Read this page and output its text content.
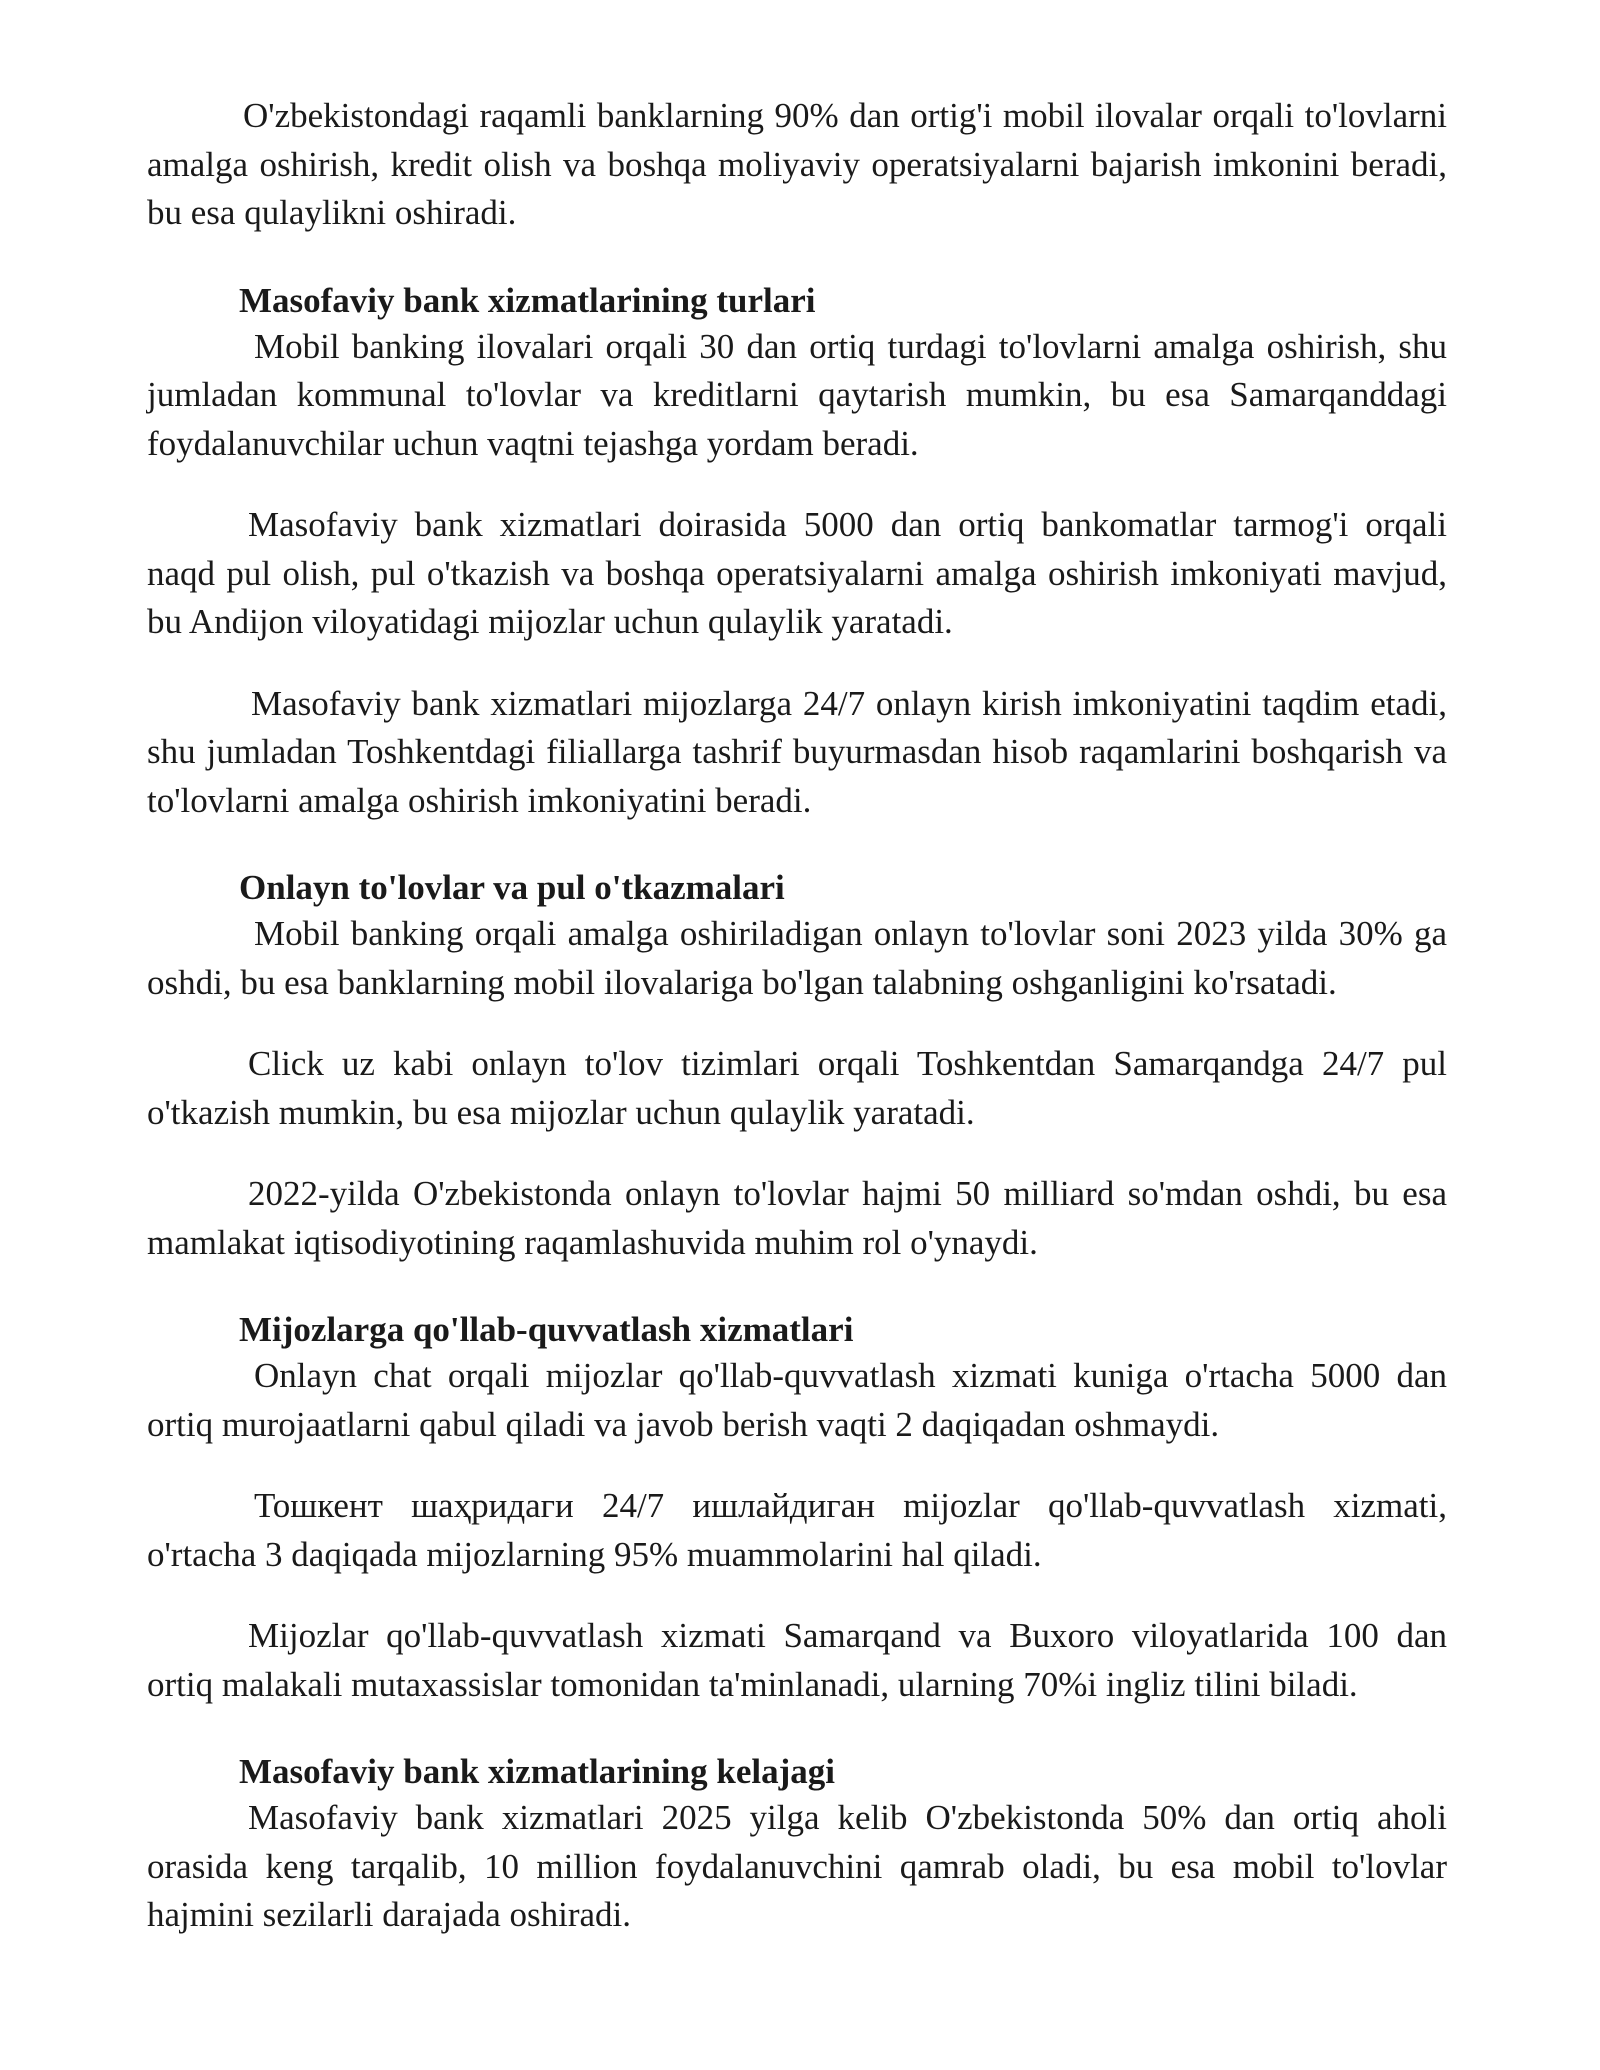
O'zbekistondagi raqamli banklarning 90% dan ortig'i mobil ilovalar orqali to'lovlarni amalga oshirish, kredit olish va boshqa moliyaviy operatsiyalarni bajarish imkonini beradi, bu esa qulaylikni oshiradi.

Masofaviy bank xizmatlarining turlari

Mobil banking ilovalari orqali 30 dan ortiq turdagi to'lovlarni amalga oshirish, shu jumladan kommunal to'lovlar va kreditlarni qaytarish mumkin, bu esa Samarqanddagi foydalanuvchilar uchun vaqtni tejashga yordam beradi.

Masofaviy bank xizmatlari doirasida 5000 dan ortiq bankomatlar tarmog'i orqali naqd pul olish, pul o'tkazish va boshqa operatsiyalarni amalga oshirish imkoniyati mavjud, bu Andijon viloyatidagi mijozlar uchun qulaylik yaratadi.

Masofaviy bank xizmatlari mijozlarga 24/7 onlayn kirish imkoniyatini taqdim etadi, shu jumladan Toshkentdagi filiallarga tashrif buyurmasdan hisob raqamlarini boshqarish va to'lovlarni amalga oshirish imkoniyatini beradi.

Onlayn to'lovlar va pul o'tkazmalari

Mobil banking orqali amalga oshiriladigan onlayn to'lovlar soni 2023 yilda 30% ga oshdi, bu esa banklarning mobil ilovalariga bo'lgan talabning oshganligini ko'rsatadi.

Click uz kabi onlayn to'lov tizimlari orqali Toshkentdan Samarqandga 24/7 pul o'tkazish mumkin, bu esa mijozlar uchun qulaylik yaratadi.

2022-yilda O'zbekistonda onlayn to'lovlar hajmi 50 milliard so'mdan oshdi, bu esa mamlakat iqtisodiyotining raqamlashuvida muhim rol o'ynaydi.

Mijozlarga qo'llab-quvvatlash xizmatlari

Onlayn chat orqali mijozlar qo'llab-quvvatlash xizmati kuniga o'rtacha 5000 dan ortiq murojaatlarni qabul qiladi va javob berish vaqti 2 daqiqadan oshmaydi.

Тошкент шаҳридаги 24/7 ишлайдиган mijozlar qo'llab-quvvatlash xizmati, o'rtacha 3 daqiqada mijozlarning 95% muammolarini hal qiladi.

Mijozlar qo'llab-quvvatlash xizmati Samarqand va Buxoro viloyatlarida 100 dan ortiq malakali mutaxassislar tomonidan ta'minlanadi, ularning 70%i ingliz tilini biladi.

Masofaviy bank xizmatlarining kelajagi

Masofaviy bank xizmatlari 2025 yilga kelib O'zbekistonda 50% dan ortiq aholi orasida keng tarqalib, 10 million foydalanuvchini qamrab oladi, bu esa mobil to'lovlar hajmini sezilarli darajada oshiradi.
